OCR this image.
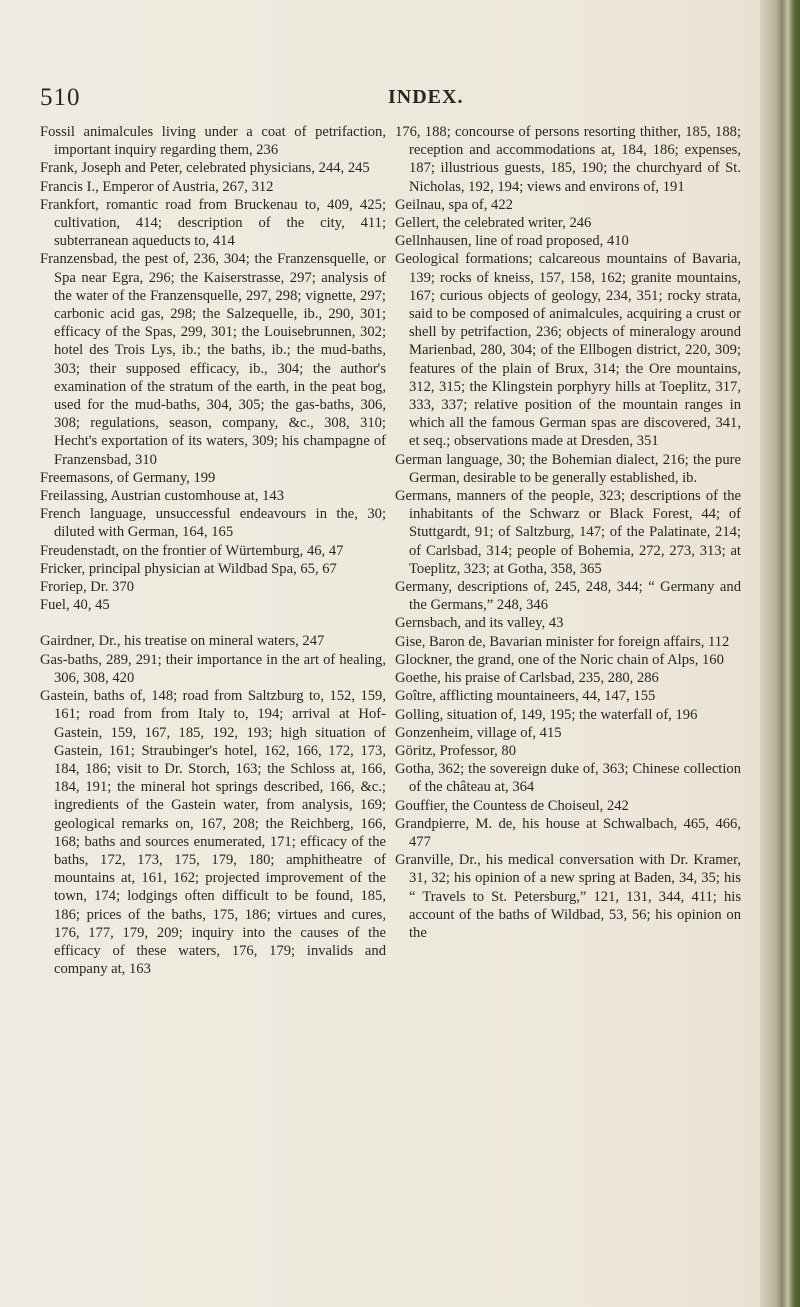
510	INDEX.

Fossil animalcules living under a coat of petrifaction, important inquiry regarding them, 236

Frank, Joseph and Peter, celebrated physicians, 244, 245

Francis I., Emperor of Austria, 267, 312

Frankfort, romantic road from Bruckenau to, 409, 425; cultivation, 414; description of the city, 411; subterranean aqueducts to, 414

Franzensbad, the pest of, 236, 304; the Franzensquelle, or Spa near Egra, 296; the Kaiserstrasse, 297; analysis of the water of the Franzensquelle, 297, 298; vignette, 297; carbonic acid gas, 298; the Salzequelle, ib., 290, 301; efficacy of the Spas, 299, 301; the Louisebrunnen, 302; hotel des Trois Lys, ib.; the baths, ib.; the mud-baths, 303; their supposed efficacy, ib., 304; the author's examination of the stratum of the earth, in the peat bog, used for the mud-baths, 304, 305; the gas-baths, 306, 308; regulations, season, company, &c., 308, 310; Hecht's exportation of its waters, 309; his champagne of Franzensbad, 310

Freemasons, of Germany, 199

Freilassing, Austrian customhouse at, 143

French language, unsuccessful endeavours in the, 30; diluted with German, 164, 165

Freudenstadt, on the frontier of Würtemburg, 46, 47

Fricker, principal physician at Wildbad Spa, 65, 67

Froriep, Dr. 370

Fuel, 40, 45

Gairdner, Dr., his treatise on mineral waters, 247

Gas-baths, 289, 291; their importance in the art of healing, 306, 308, 420

Gastein, baths of, 148; road from Saltzburg to, 152, 159, 161; road from from Italy to, 194; arrival at Hof-Gastein, 159, 167, 185, 192, 193; high situation of Gastein, 161; Straubinger's hotel, 162, 166, 172, 173, 184, 186; visit to Dr. Storch, 163; the Schloss at, 166, 184, 191; the mineral hot springs described, 166, &c.; ingredients of the Gastein water, from analysis, 169; geological remarks on, 167, 208; the Reichberg, 166, 168; baths and sources enumerated, 171; efficacy of the baths, 172, 173, 175, 179, 180; amphitheatre of mountains at, 161, 162; projected improvement of the town, 174; lodgings often difficult to be found, 185, 186; prices of the baths, 175, 186; virtues and cures, 176, 177, 179, 209; inquiry into the causes of the efficacy of these waters, 176, 179; invalids and company at, 163

176, 188; concourse of persons resorting thither, 185, 188; reception and accommodations at, 184, 186; expenses, 187; illustrious guests, 185, 190; the churchyard of St. Nicholas, 192, 194; views and environs of, 191

Geilnau, spa of, 422

Gellert, the celebrated writer, 246

Gellnhausen, line of road proposed, 410

Geological formations; calcareous mountains of Bavaria, 139; rocks of kneiss, 157, 158, 162; granite mountains, 167; curious objects of geology, 234, 351; rocky strata, said to be composed of animalcules, acquiring a crust or shell by petrifaction, 236; objects of mineralogy around Marienbad, 280, 304; of the Ellbogen district, 220, 309; features of the plain of Brux, 314; the Ore mountains, 312, 315; the Klingstein porphyry hills at Toeplitz, 317, 333, 337; relative position of the mountain ranges in which all the famous German spas are discovered, 341, et seq.; observations made at Dresden, 351

German language, 30; the Bohemian dialect, 216; the pure German, desirable to be generally established, ib.

Germans, manners of the people, 323; descriptions of the inhabitants of the Schwarz or Black Forest, 44; of Stuttgardt, 91; of Saltzburg, 147; of the Palatinate, 214; of Carlsbad, 314; people of Bohemia, 272, 273, 313; at Toeplitz, 323; at Gotha, 358, 365

Germany, descriptions of, 245, 248, 344; “ Germany and the Germans,” 248, 346

Gernsbach, and its valley, 43

Gise, Baron de, Bavarian minister for foreign affairs, 112

Glockner, the grand, one of the Noric chain of Alps, 160

Goethe, his praise of Carlsbad, 235, 280, 286

Goître, afflicting mountaineers, 44, 147, 155

Golling, situation of, 149, 195; the waterfall of, 196

Gonzenheim, village of, 415

Göritz, Professor, 80

Gotha, 362; the sovereign duke of, 363; Chinese collection of the château at, 364

Gouffier, the Countess de Choiseul, 242

Grandpierre, M. de, his house at Schwalbach, 465, 466, 477

Granville, Dr., his medical conversation with Dr. Kramer, 31, 32; his opinion of a new spring at Baden, 34, 35; his “ Travels to St. Petersburg,” 121, 131, 344, 411; his account of the baths of Wildbad, 53, 56; his opinion on the
